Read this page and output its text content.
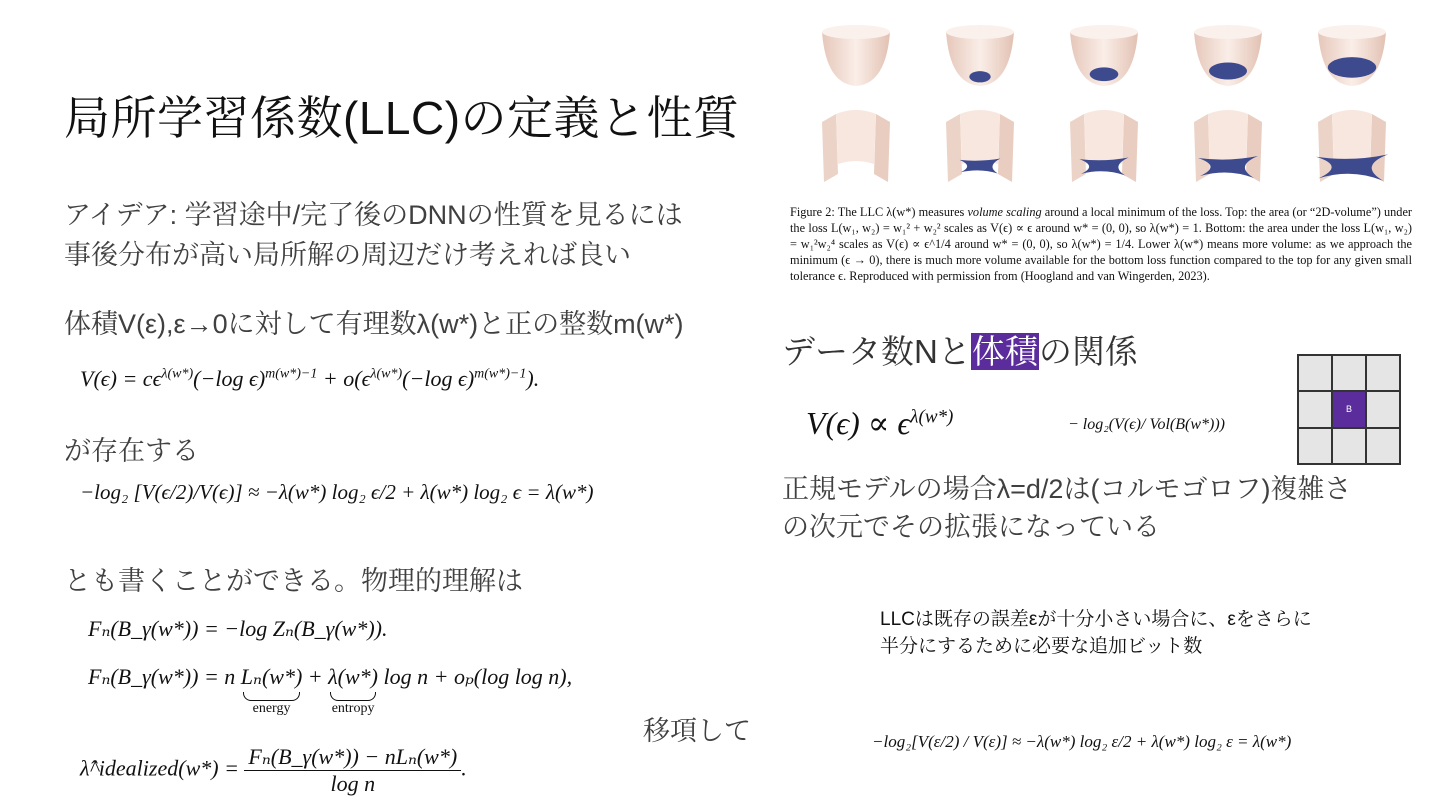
局所学習係数(LLC)の定義と性質
アイデア: 学習途中/完了後のDNNの性質を見るには
事後分布が高い局所解の周辺だけ考えれば良い
体積V(ε),ε→0に対して有理数λ(w*)と正の整数m(w*)
$V(\epsilon) = c\epsilon^{\lambda(w*)}(-\log$ $\epsilon)^{m(w*)-1} + o(\epsilon^{\lambda(w*)}(-\log$ ϵ)$^{m(w*)-1}$).
が存在する
−log₂ [V(ϵ/2)/V(ϵ)] ≈ −λ(w*) log₂ ϵ/2 + λ(w*) log₂ ϵ = λ(w*)
とも書くことができる。物理的理解は
Fₙ(B_γ(w*)) = −log Zₙ(B_γ(w*)).
Fₙ(B_γ(w*)) = n Lₙ(w*)
energy
+ λ(w*)
entropy
log n + oₚ(log log n),
移項して
λ̂^idealized(w*) = $\frac{\text{Fₙ(B\_γ(w*)) − nLₙ(w*)}}{\text{log n}}$ .
Figure 2: The LLC λ(w*) measures volume scaling around a local minimum of the loss. Top: the area (or “2D-volume”) under the loss L(w₁, w₂) = w₁² + w₂² scales as V(ϵ) ∝ ϵ around w* = (0, 0), so λ(w*) = 1. Bottom: the area under the loss L(w₁, w₂) = w₁²w₂⁴ scales as V(ϵ) ∝ ϵ^1/4 around w* = (0, 0), so λ(w*) = 1/4. Lower λ(w*) means more volume: as we approach the minimum (ϵ → 0), there is much more volume available for the bottom loss function compared to the top for any given small tolerance ϵ. Reproduced with permission from (Hoogland and van Wingerden, 2023).
データ数Nと体積の関係
$V(\epsilon) \propto \epsilon^{\lambda(w*)}$	− log₂(V(ϵ)/ Vol(B(w*)))
B
正規モデルの場合λ=d/2は(コルモゴロフ)複雑さ
の次元でその拡張になっている
LLCは既存の誤差εが十分小さい場合に、εをさらに半分にするために必要な追加ビット数
−log₂[V(ε/2) / V(ε)] ≈ −λ(w*) log₂ ε/2 + λ(w*) log₂ ε = λ(w*)
